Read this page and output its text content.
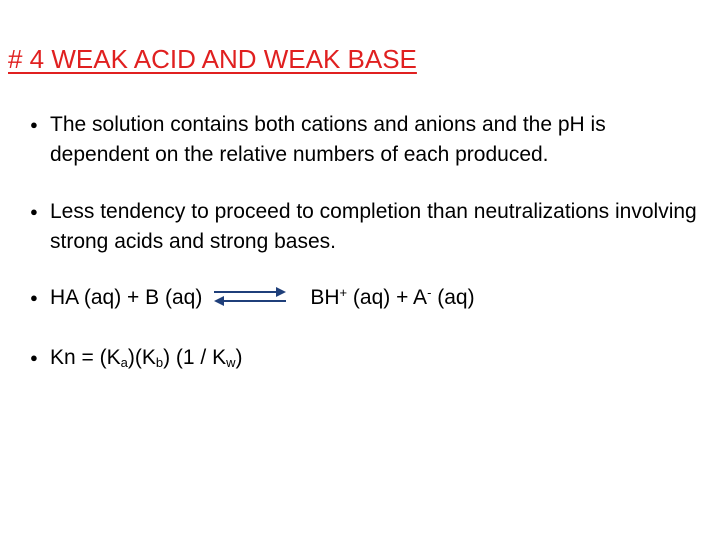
# 4 WEAK ACID AND WEAK BASE
● The solution contains both cations and anions and the pH is dependent on the relative numbers of each produced.
● Less tendency to proceed to completion than neutralizations involving strong acids and strong bases.
● HA (aq) + B (aq) ⇌ BH+ (aq) + A- (aq)
● $Kn = (K_a)(K_b)$ $(1 / K_w)$
